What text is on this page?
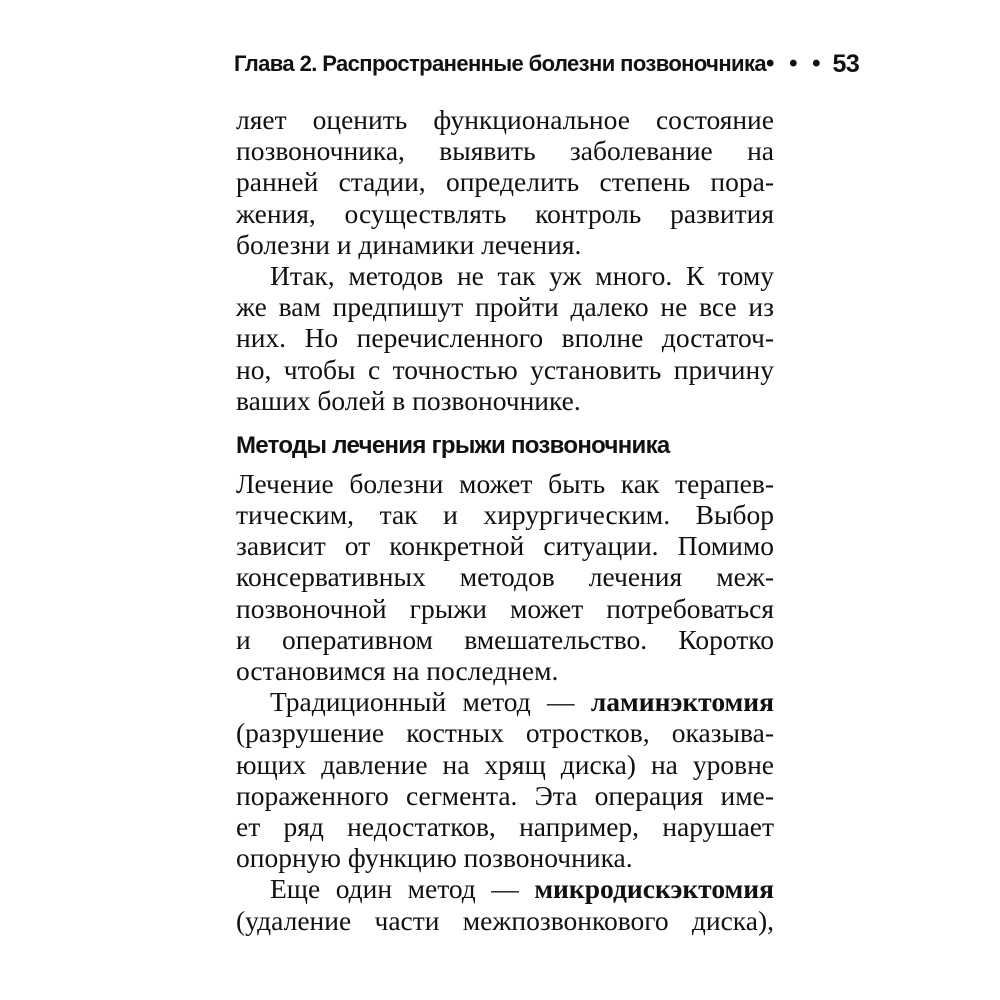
Глава 2. Распространенные болезни позвоночника • • • 53
ляет оценить функциональное состояние
позвоночника, выявить заболевание на
ранней стадии, определить степень пора-
жения, осуществлять контроль развития
болезни и динамики лечения.
Итак, методов не так уж много. К тому
же вам предпишут пройти далеко не все из
них. Но перечисленного вполне достаточ-
но, чтобы с точностью установить причину
ваших болей в позвоночнике.
Методы лечения грыжи позвоночника
Лечение болезни может быть как терапев-
тическим, так и хирургическим. Выбор
зависит от конкретной ситуации. Помимо
консервативных методов лечения меж-
позвоночной грыжи может потребоваться
и оперативном вмешательство. Коротко
остановимся на последнем.
Традиционный метод — ламинэктомия
(разрушение костных отростков, оказыва-
ющих давление на хрящ диска) на уровне
пораженного сегмента. Эта операция име-
ет ряд недостатков, например, нарушает
опорную функцию позвоночника.
Еще один метод — микродискэктомия
(удаление части межпозвонкового диска),
